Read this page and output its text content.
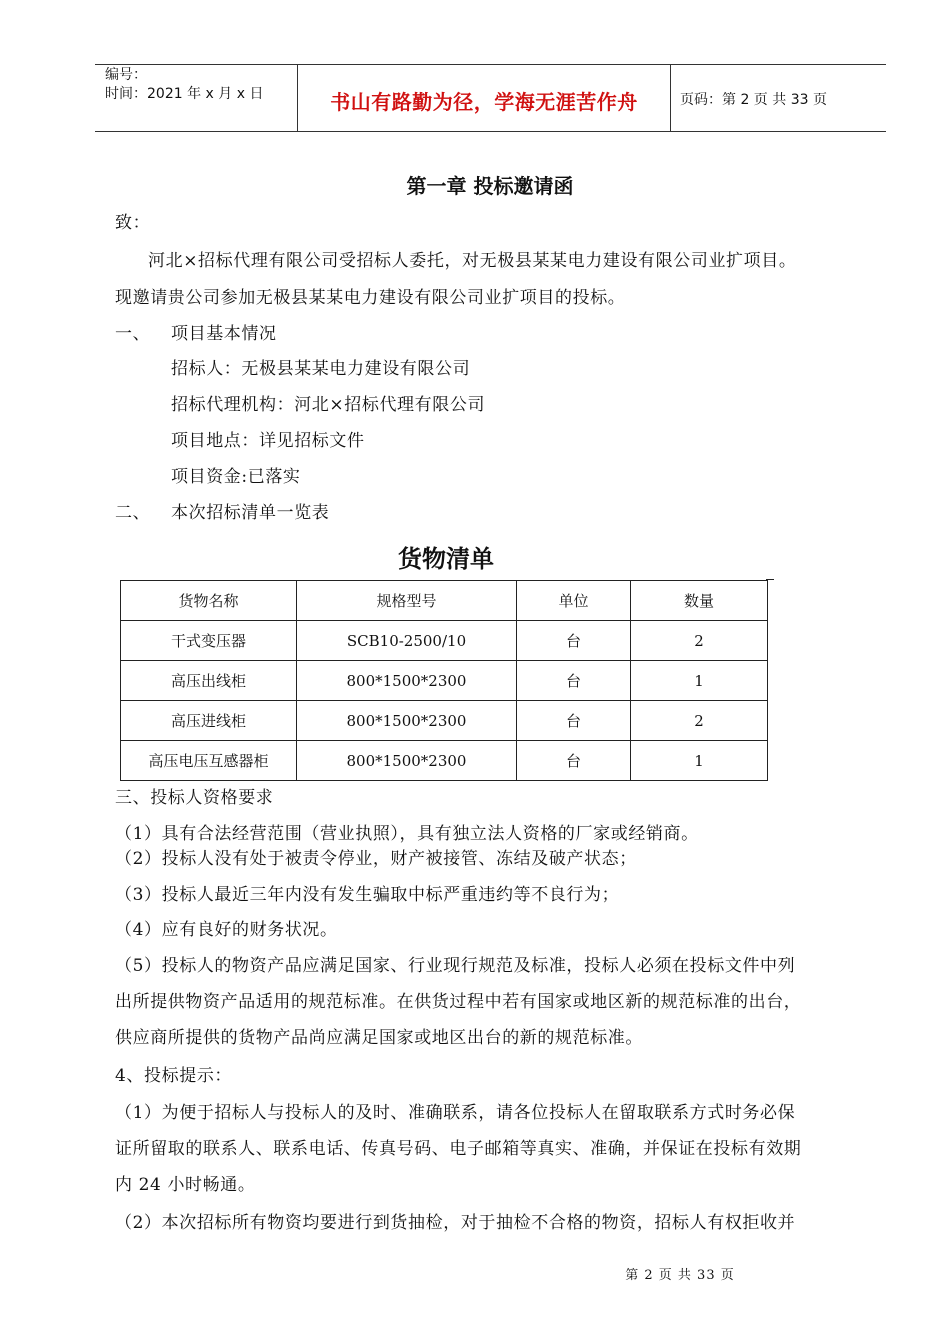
编号：
时间：2021 年 x 月 x 日	书山有路勤为径，学海无涯苦作舟	页码：第 2 页 共 33 页
第一章 投标邀请函
致：
河北×招标代理有限公司受招标人委托，对无极县某某电力建设有限公司业扩项目。
现邀请贵公司参加无极县某某电力建设有限公司业扩项目的投标。
一、 项目基本情况
招标人：无极县某某电力建设有限公司
招标代理机构：河北×招标代理有限公司
项目地点：详见招标文件
项目资金:已落实
二、 本次招标清单一览表
货物清单
货物名称	规格型号	单位	数量
干式变压器	SCB10-2500/10	台	2
高压出线柜	800*1500*2300	台	1
高压进线柜	800*1500*2300	台	2
高压电压互感器柜	800*1500*2300	台	1
三、投标人资格要求
（1）具有合法经营范围（营业执照），具有独立法人资格的厂家或经销商。
（2）投标人没有处于被责令停业，财产被接管、冻结及破产状态；
（3）投标人最近三年内没有发生骗取中标严重违约等不良行为；
（4）应有良好的财务状况。
（5）投标人的物资产品应满足国家、行业现行规范及标准，投标人必须在投标文件中列
出所提供物资产品适用的规范标准。在供货过程中若有国家或地区新的规范标准的出台，
供应商所提供的货物产品尚应满足国家或地区出台的新的规范标准。
4、投标提示：
（1）为便于招标人与投标人的及时、准确联系，请各位投标人在留取联系方式时务必保
证所留取的联系人、联系电话、传真号码、电子邮箱等真实、准确，并保证在投标有效期
内 24 小时畅通。
（2）本次招标所有物资均要进行到货抽检，对于抽检不合格的物资，招标人有权拒收并
第 2 页 共 33 页
